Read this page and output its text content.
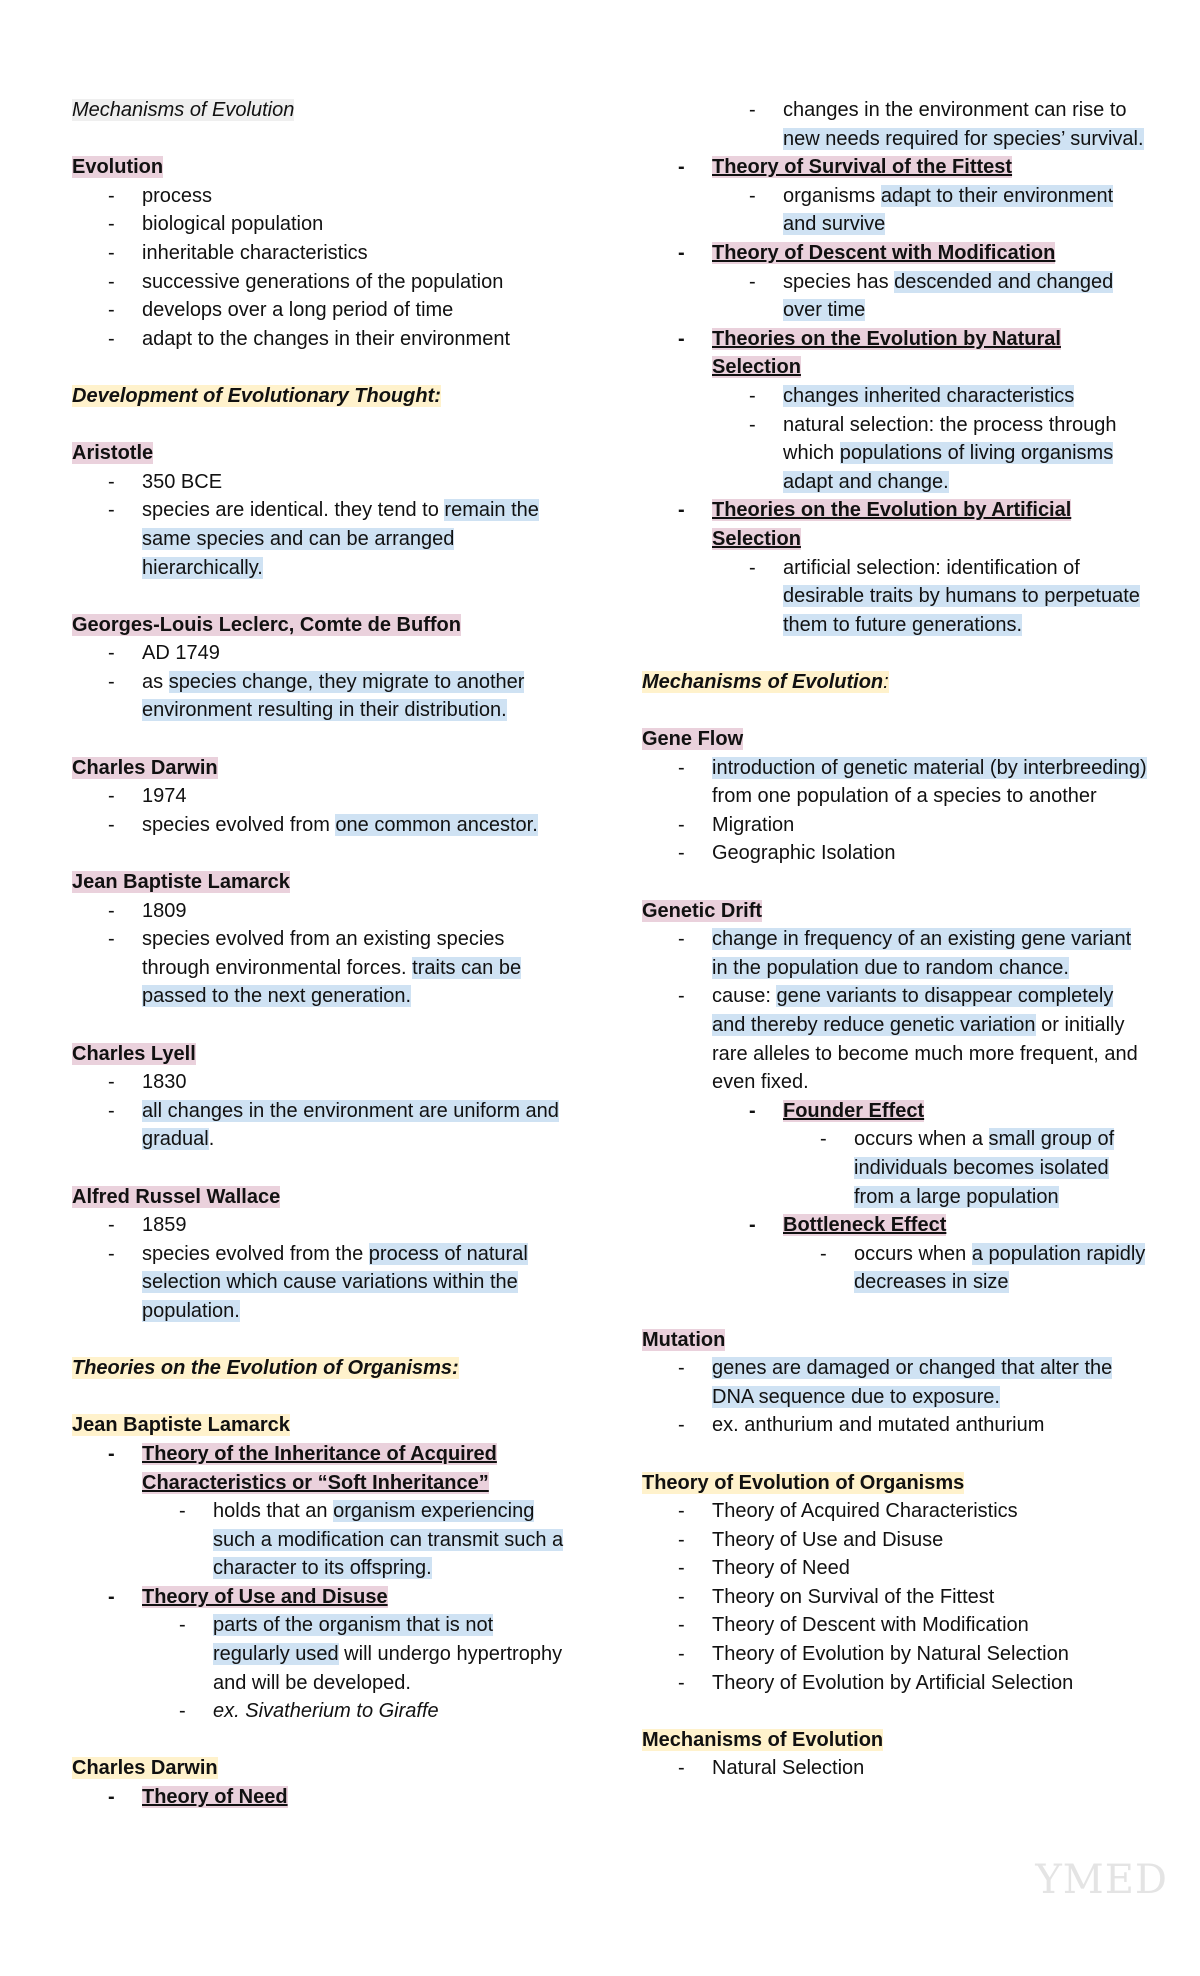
Mechanisms of Evolution

Evolution

- process
- biological population
- inheritable characteristics
- successive generations of the population
- develops over a long period of time
- adapt to the changes in their environment

Development of Evolutionary Thought:

Aristotle

- 350 BCE
- species are identical. they tend to remain the same species and can be arranged hierarchically.

Georges-Louis Leclerc, Comte de Buffon

- AD 1749
- as species change, they migrate to another environment resulting in their distribution.

Charles Darwin

- 1974
- species evolved from one common ancestor.

Jean Baptiste Lamarck

- 1809
- species evolved from an existing species through environmental forces. traits can be passed to the next generation.

Charles Lyell

- 1830
- all changes in the environment are uniform and gradual.

Alfred Russel Wallace

- 1859
- species evolved from the process of natural selection which cause variations within the population.

Theories on the Evolution of Organisms:

Jean Baptiste Lamarck

- Theory of the Inheritance of Acquired Characteristics or “Soft Inheritance”
- holds that an organism experiencing such a modification can transmit such a character to its offspring.
- Theory of Use and Disuse
- parts of the organism that is not regularly used will undergo hypertrophy and will be developed.
- ex. Sivatherium to Giraffe

Charles Darwin

- Theory of Need
- changes in the environment can rise to new needs required for species’ survival.
- Theory of Survival of the Fittest
- organisms adapt to their environment and survive
- Theory of Descent with Modification
- species has descended and changed over time
- Theories on the Evolution by Natural Selection
- changes inherited characteristics
- natural selection: the process through which populations of living organisms adapt and change.
- Theories on the Evolution by Artificial Selection
- artificial selection: identification of desirable traits by humans to perpetuate them to future generations.

Mechanisms of Evolution:

Gene Flow

- introduction of genetic material (by interbreeding) from one population of a species to another
- Migration
- Geographic Isolation

Genetic Drift

- change in frequency of an existing gene variant in the population due to random chance.
- cause: gene variants to disappear completely and thereby reduce genetic variation or initially rare alleles to become much more frequent, and even fixed.
- Founder Effect
- occurs when a small group of individuals becomes isolated from a large population
- Bottleneck Effect
- occurs when a population rapidly decreases in size

Mutation

- genes are damaged or changed that alter the DNA sequence due to exposure.
- ex. anthurium and mutated anthurium

Theory of Evolution of Organisms

- Theory of Acquired Characteristics
- Theory of Use and Disuse
- Theory of Need
- Theory on Survival of the Fittest
- Theory of Descent with Modification
- Theory of Evolution by Natural Selection
- Theory of Evolution by Artificial Selection

Mechanisms of Evolution

- Natural Selection
YMED
